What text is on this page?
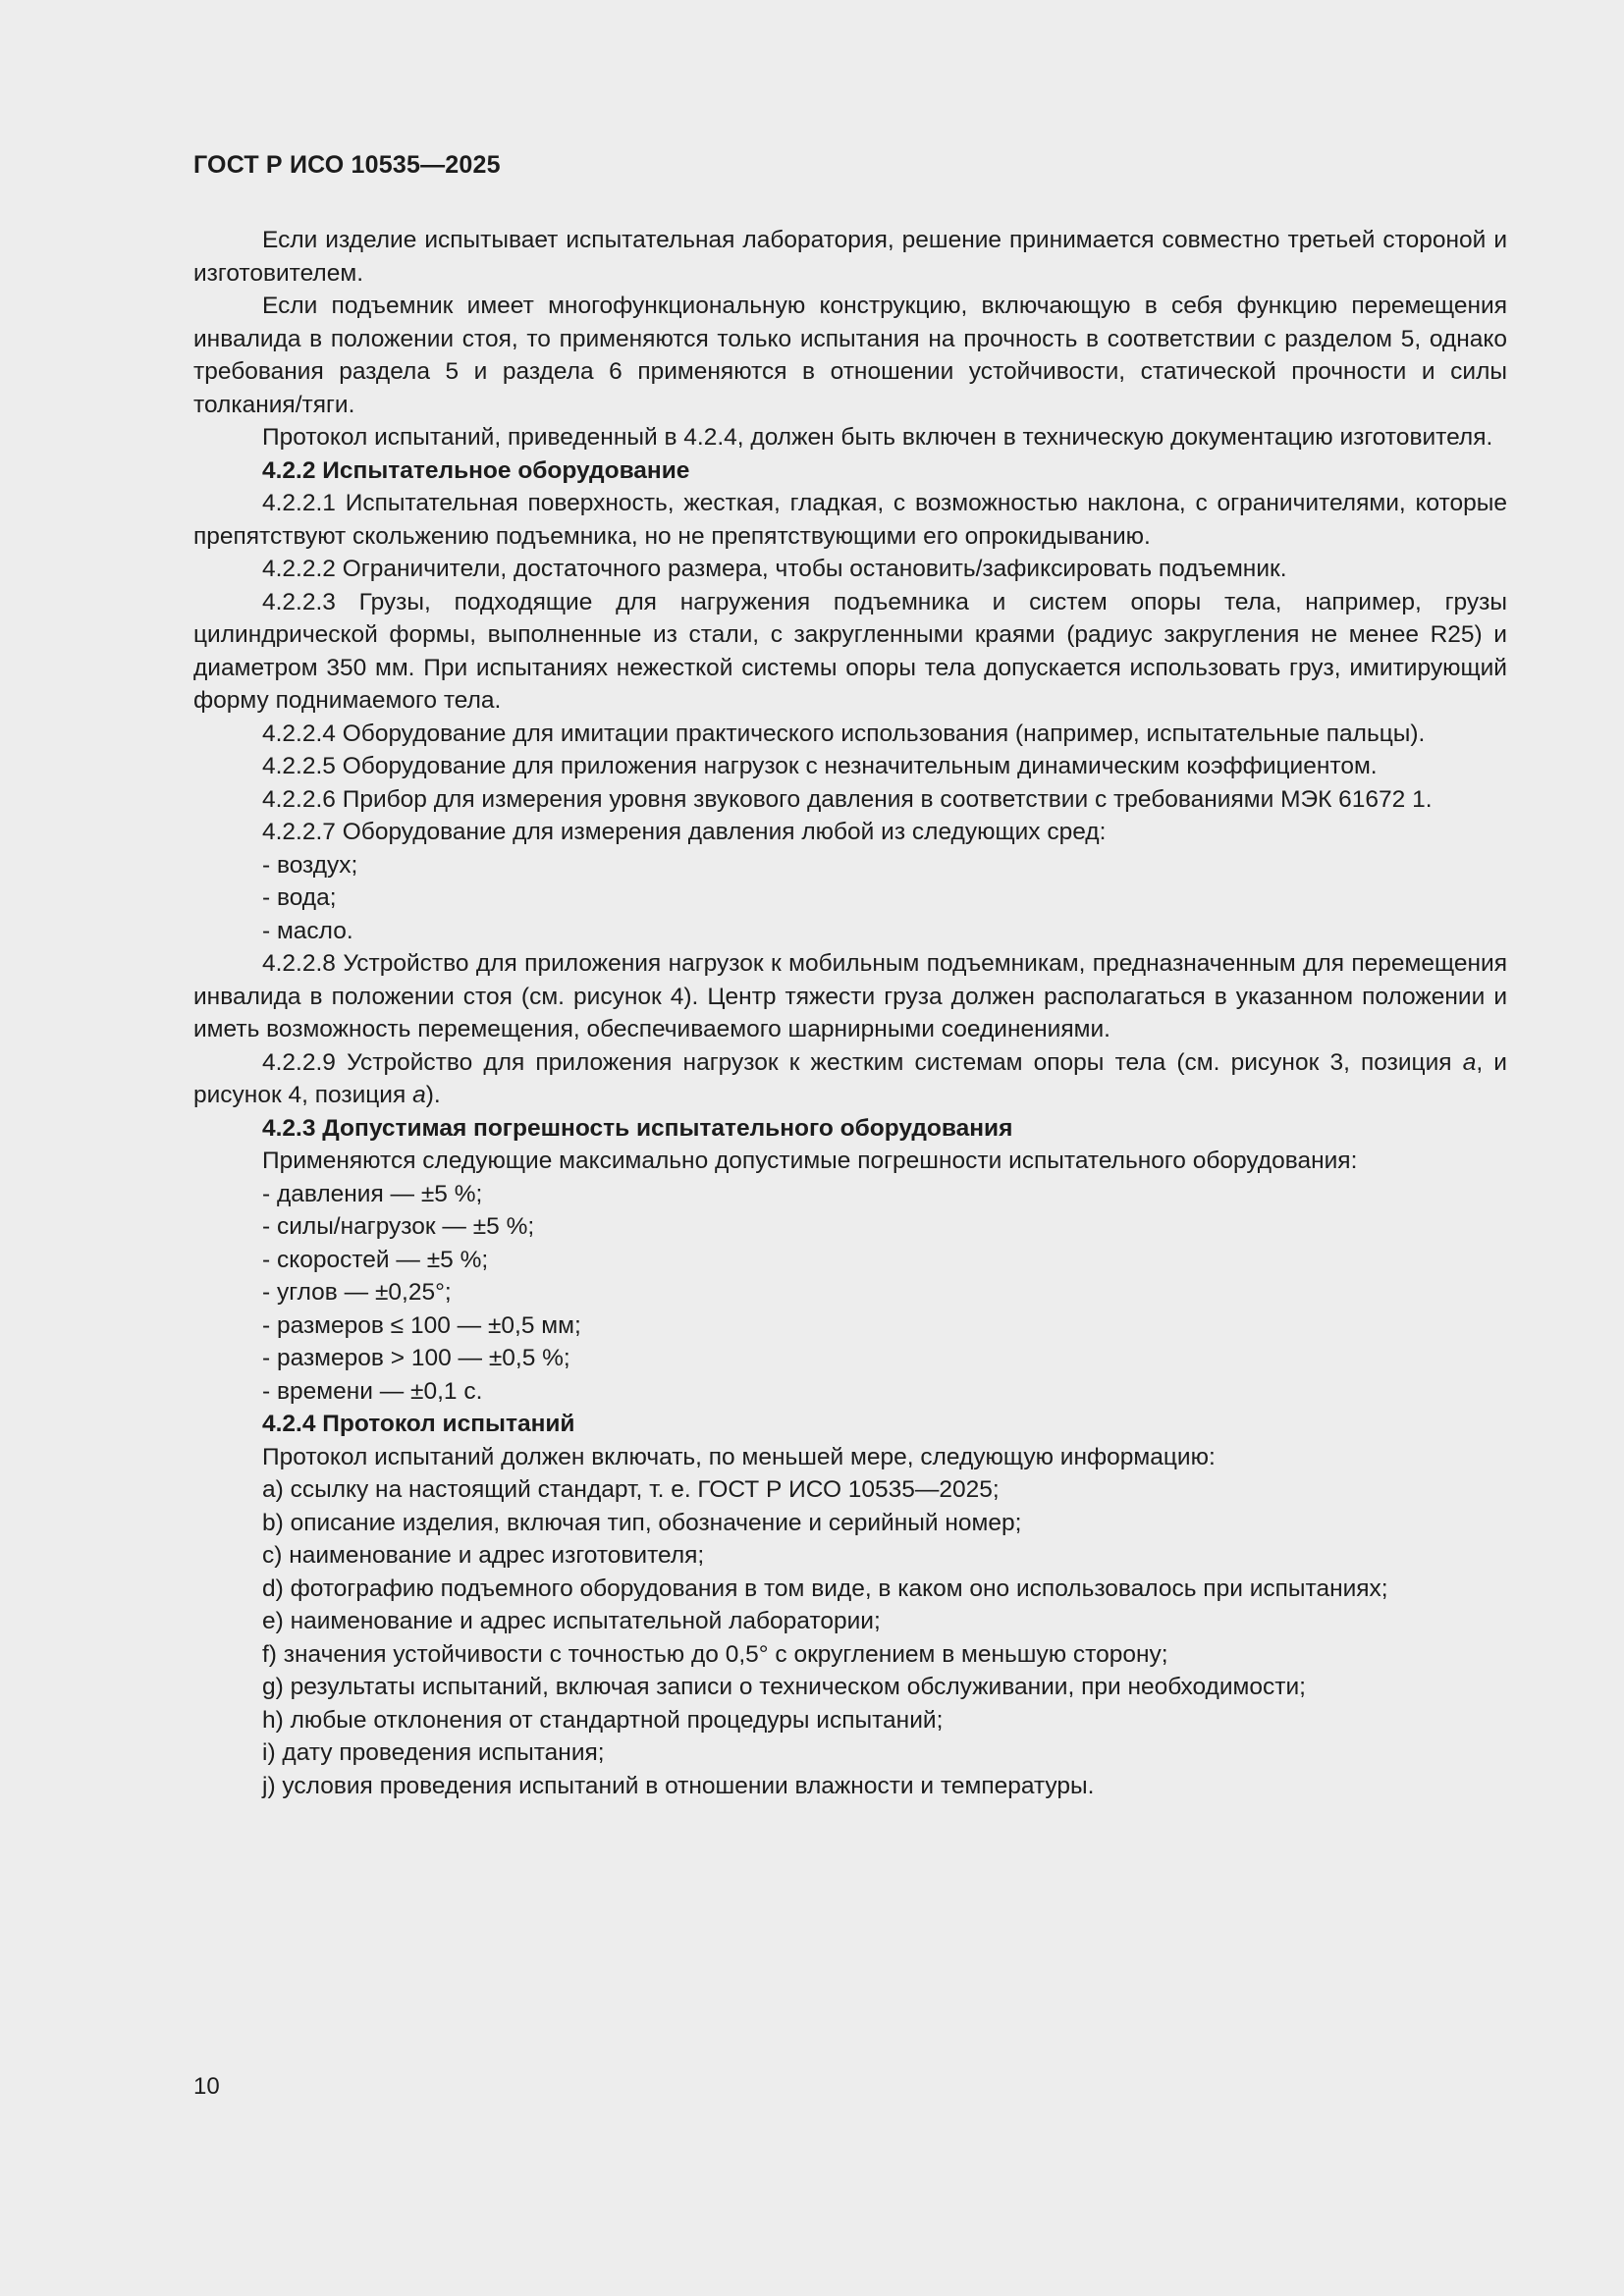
ГОСТ Р ИСО 10535—2025

Если изделие испытывает испытательная лаборатория, решение принимается совместно третьей стороной и изготовителем.

Если подъемник имеет многофункциональную конструкцию, включающую в себя функцию перемещения инвалида в положении стоя, то применяются только испытания на прочность в соответствии с разделом 5, однако требования раздела 5 и раздела 6 применяются в отношении устойчивости, статической прочности и силы толкания/тяги.

Протокол испытаний, приведенный в 4.2.4, должен быть включен в техническую документацию изготовителя.

4.2.2 Испытательное оборудование

4.2.2.1 Испытательная поверхность, жесткая, гладкая, с возможностью наклона, с ограничителями, которые препятствуют скольжению подъемника, но не препятствующими его опрокидыванию.

4.2.2.2 Ограничители, достаточного размера, чтобы остановить/зафиксировать подъемник.

4.2.2.3 Грузы, подходящие для нагружения подъемника и систем опоры тела, например, грузы цилиндрической формы, выполненные из стали, с закругленными краями (радиус закругления не менее R25) и диаметром 350 мм. При испытаниях нежесткой системы опоры тела допускается использовать груз, имитирующий форму поднимаемого тела.

4.2.2.4 Оборудование для имитации практического использования (например, испытательные пальцы).

4.2.2.5 Оборудование для приложения нагрузок с незначительным динамическим коэффициентом.

4.2.2.6 Прибор для измерения уровня звукового давления в соответствии с требованиями МЭК 61672 1.

4.2.2.7 Оборудование для измерения давления любой из следующих сред:

- воздух;

- вода;

- масло.

4.2.2.8 Устройство для приложения нагрузок к мобильным подъемникам, предназначенным для перемещения инвалида в положении стоя (см. рисунок 4). Центр тяжести груза должен располагаться в указанном положении и иметь возможность перемещения, обеспечиваемого шарнирными соединениями.

4.2.2.9 Устройство для приложения нагрузок к жестким системам опоры тела (см. рисунок 3, позиция а, и рисунок 4, позиция а).

4.2.3 Допустимая погрешность испытательного оборудования

Применяются следующие максимально допустимые погрешности испытательного оборудования:

- давления — ±5 %;

- силы/нагрузок — ±5 %;

- скоростей — ±5 %;

- углов — ±0,25°;

- размеров ≤ 100 — ±0,5 мм;

- размеров > 100 — ±0,5 %;

- времени — ±0,1 с.

4.2.4 Протокол испытаний

Протокол испытаний должен включать, по меньшей мере, следующую информацию:

a) ссылку на настоящий стандарт, т. е. ГОСТ Р ИСО 10535—2025;

b) описание изделия, включая тип, обозначение и серийный номер;

c) наименование и адрес изготовителя;

d) фотографию подъемного оборудования в том виде, в каком оно использовалось при испытаниях;

e) наименование и адрес испытательной лаборатории;

f) значения устойчивости с точностью до 0,5° с округлением в меньшую сторону;

g) результаты испытаний, включая записи о техническом обслуживании, при необходимости;

h) любые отклонения от стандартной процедуры испытаний;

i) дату проведения испытания;

j) условия проведения испытаний в отношении влажности и температуры.

10
